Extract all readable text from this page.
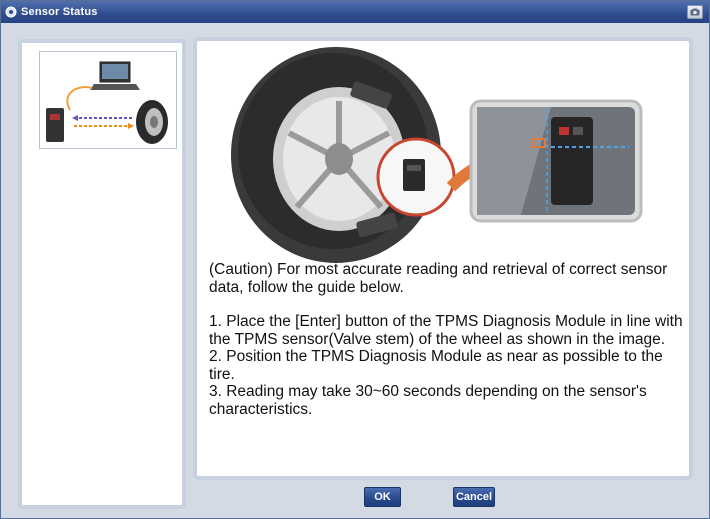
Sensor Status
(Caution) For most accurate reading and retrieval of correct sensor data, follow the guide below.
1. Place the [Enter] button of the TPMS Diagnosis Module in line with the TPMS sensor(Valve stem) of the wheel as shown in the image.
2. Position the TPMS Diagnosis Module as near as possible to the tire.
3. Reading may take 30~60 seconds depending on the sensor's characteristics.
OK	Cancel
